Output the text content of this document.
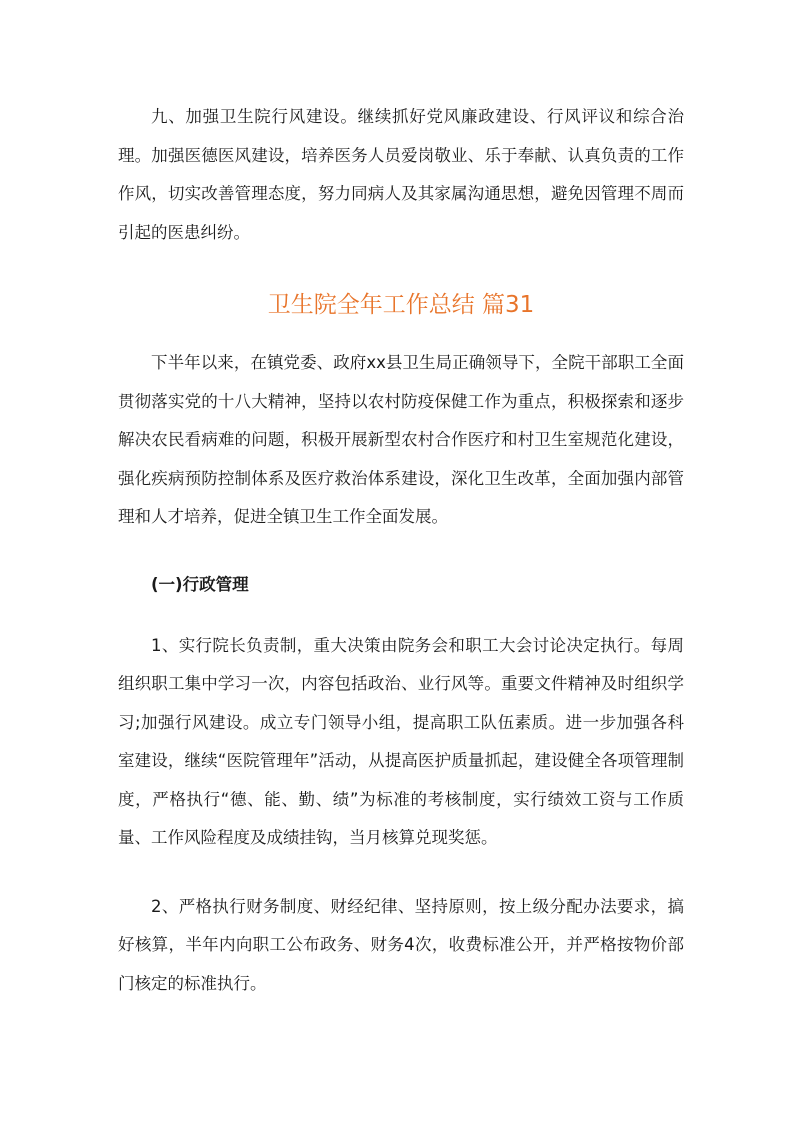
九、加强卫生院行风建设。继续抓好党风廉政建设、行风评议和综合治理。加强医德医风建设，培养医务人员爱岗敬业、乐于奉献、认真负责的工作作风，切实改善管理态度，努力同病人及其家属沟通思想，避免因管理不周而引起的医患纠纷。

卫生院全年工作总结 篇31

下半年以来，在镇党委、政府xx县卫生局正确领导下，全院干部职工全面贯彻落实党的十八大精神，坚持以农村防疫保健工作为重点，积极探索和逐步解决农民看病难的问题，积极开展新型农村合作医疗和村卫生室规范化建设，强化疾病预防控制体系及医疗救治体系建设，深化卫生改革，全面加强内部管理和人才培养，促进全镇卫生工作全面发展。

(一)行政管理

1、实行院长负责制，重大决策由院务会和职工大会讨论决定执行。每周组织职工集中学习一次，内容包括政治、业行风等。重要文件精神及时组织学习;加强行风建设。成立专门领导小组，提高职工队伍素质。进一步加强各科室建设，继续“医院管理年”活动，从提高医护质量抓起，建设健全各项管理制度，严格执行“德、能、勤、绩”为标准的考核制度，实行绩效工资与工作质量、工作风险程度及成绩挂钩，当月核算兑现奖惩。

2、严格执行财务制度、财经纪律、坚持原则，按上级分配办法要求，搞好核算，半年内向职工公布政务、财务4次，收费标准公开，并严格按物价部门核定的标准执行。
